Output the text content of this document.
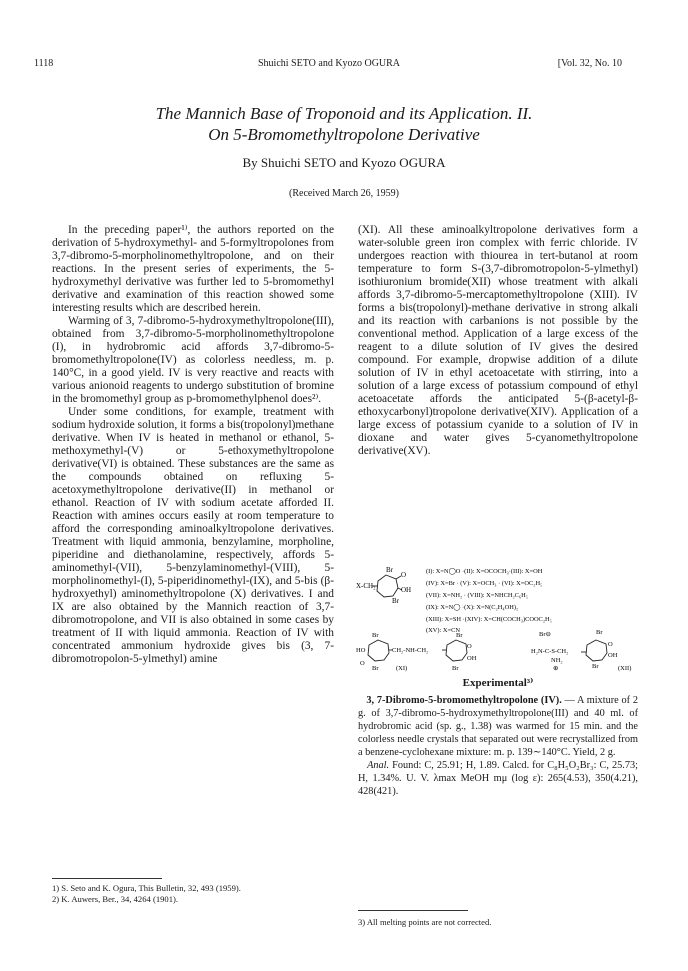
1118	Shuichi SETO and Kyozo OGURA	[Vol. 32, No. 10
The Mannich Base of Troponoid and its Application. II.
On 5-Bromomethyltropolone Derivative
By Shuichi SETO and Kyozo OGURA
(Received March 26, 1959)

In the preceding paper¹⁾, the authors reported on the derivation of 5-hydroxymethyl- and 5-formyltropolones from 3,7-dibromo-5-morpholinomethyltropolone, and on their reactions. In the present series of experiments, the 5-hydroxymethyl derivative was further led to 5-bromomethyl derivative and examination of this reaction showed some interesting results which are described herein.

Warming of 3, 7-dibromo-5-hydroxymethyltropolone(III), obtained from 3,7-dibromo-5-morpholinomethyltropolone (I), in hydrobromic acid affords 3,7-dibromo-5-bromomethyltropolone(IV) as colorless needless, m. p. 140°C, in a good yield. IV is very reactive and reacts with various anionoid reagents to undergo substitution of bromine in the bromomethyl group as p-bromomethylphenol does²⁾.

Under some conditions, for example, treatment with sodium hydroxide solution, it forms a bis(tropolonyl)methane derivative. When IV is heated in methanol or ethanol, 5-methoxymethyl-(V) or 5-ethoxymethyltropolone derivative(VI) is obtained. These substances are the same as the compounds obtained on refluxing 5-acetoxymethyltropolone derivative(II) in methanol or ethanol. Reaction of IV with sodium acetate afforded II. Reaction with amines occurs easily at room temperature to afford the corresponding aminoalkyltropolone derivatives. Treatment with liquid ammonia, benzylamine, morpholine, piperidine and diethanolamine, respectively, affords 5-aminomethyl-(VII), 5-benzylaminomethyl-(VIII), 5-morpholinomethyl-(I), 5-piperidinomethyl-(IX), and 5-bis (β-hydroxyethyl) aminomethyltropolone (X) derivatives. I and IX are also obtained by the Mannich reaction of 3,7-dibromotropolone, and VII is also obtained in some cases by treatment of II with liquid ammonia. Reaction of IV with concentrated ammonium hydroxide gives bis (3, 7-dibromotropolon-5-ylmethyl) amine

(XI). All these aminoalkyltropolone derivatives form a water-soluble green iron complex with ferric chloride. IV undergoes reaction with thiourea in tert-butanol at room temperature to form S-(3,7-dibromotropolon-5-ylmethyl) isothiuronium bromide(XII) whose treatment with alkali affords 3,7-dibromo-5-mercaptomethyltropolone (XIII). IV forms a bis(tropolonyl)-methane derivative in strong alkali and its reaction with carbanions is not possible by the conventional method. Application of a large excess of the reagent to a dilute solution of IV gives the desired compound. For example, dropwise addition of a dilute solution of IV in ethyl acetoacetate with stirring, into a solution of a large excess of potassium compound of ethyl acetoacetate affords the anticipated 5-(β-acetyl-β-ethoxycarbonyl)tropolone derivative(XIV). Application of a large excess of potassium cyanide to a solution of IV in dioxane and water gives 5-cyanomethyltropolone derivative(XV).

Br
O
OH
Br
X-CH₂
(I): X=N◯O ·(II): X=OCOCH₃·(III): X=OH
(IV): X=Br · (V): X=OCH₃ · (VI): X=OC₂H₅
(VII): X=NH₂ · (VIII): X=NHCH₂C₆H₅
(IX): X=N◯ ·(X): X=N(C₂H₄OH)₂
(XIII): X=SH ·(XIV): X=CH(COCH₃)COOC₂H₅
(XV): X=CN
Br
HO
O
Br
CH₂-NH-CH₂
Br
O
OH
Br
(XI)
Br⊖	Br
O
OH
H₂N-C-S-CH₂
NH₂
⊕	Br	(XII)
Experimental³⁾
3, 7-Dibromo-5-bromomethyltropolone (IV). — A mixture of 2 g. of 3,7-dibromo-5-hydroxymethyltropolone(III) and 40 ml. of hydrobromic acid (sp. g., 1.38) was warmed for 15 min. and the colorless needle crystals that separated out were recrystallized from a benzene-cyclohexane mixture: m. p. 139∼140°C. Yield, 2 g.
Anal. Found: C, 25.91; H, 1.89. Calcd. for C₈H₅O₂Br₃: C, 25.73; H, 1.34%. U. V. λmax MeOH mμ (log ε): 265(4.53), 350(4.21), 428(421).
1) S. Seto and K. Ogura, This Bulletin, 32, 493 (1959).
2) K. Auwers, Ber., 34, 4264 (1901).
3) All melting points are not corrected.
